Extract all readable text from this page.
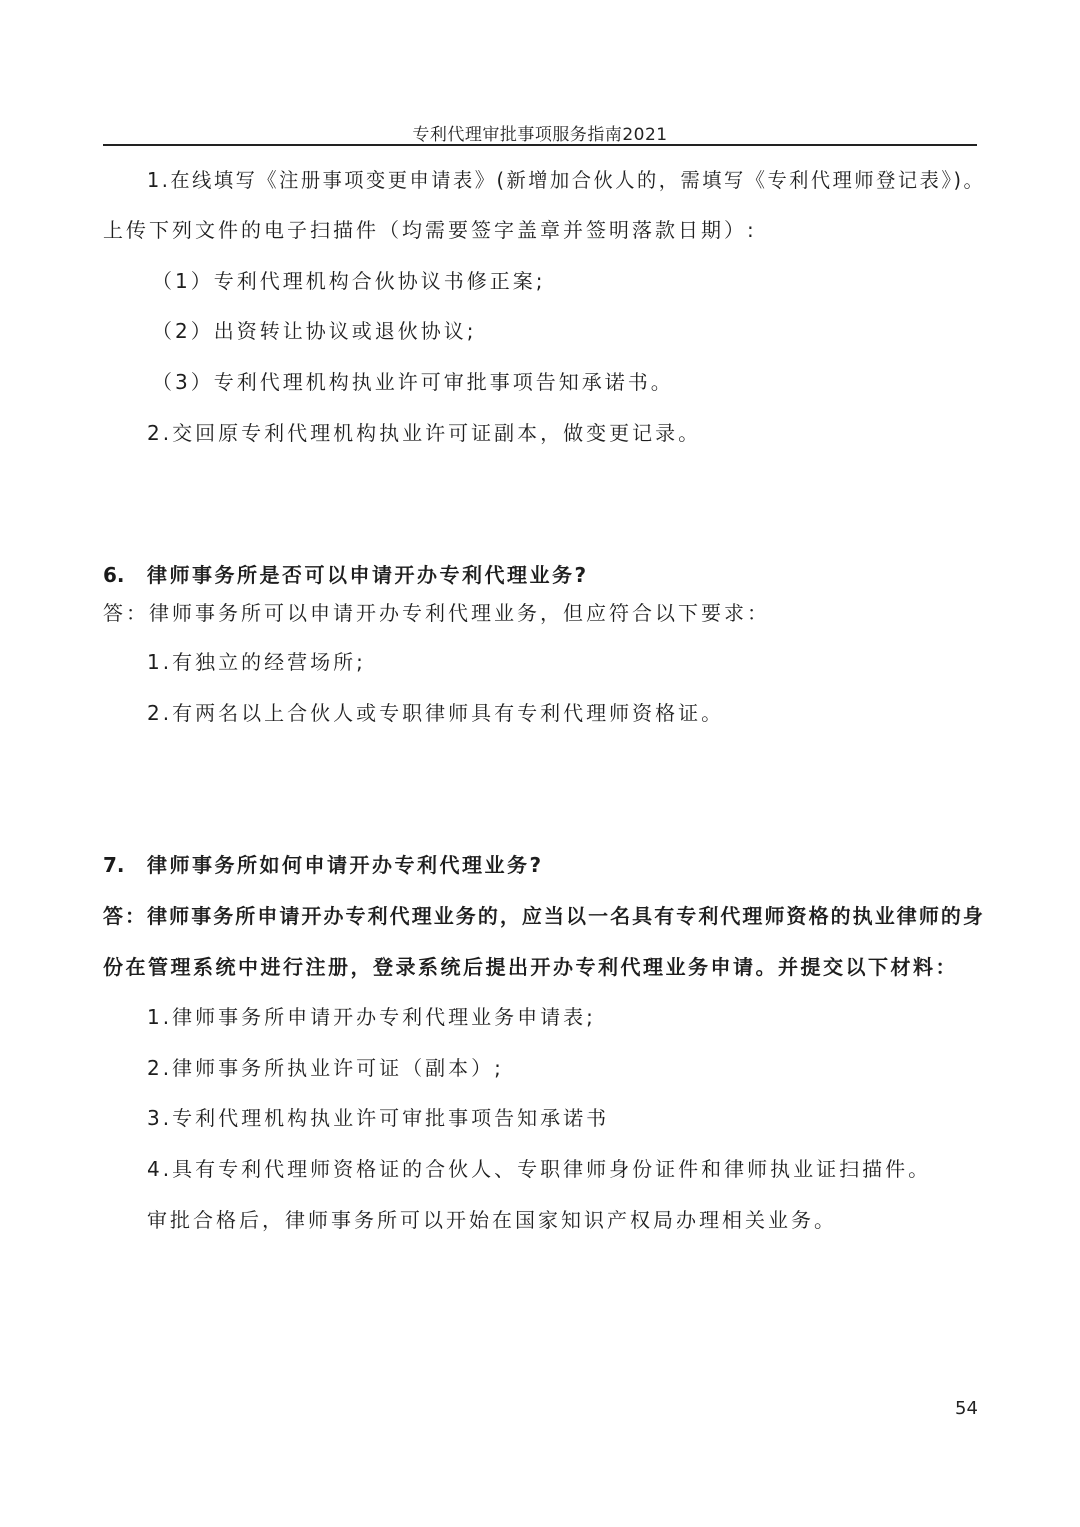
专利代理审批事项服务指南2021
1.在线填写《注册事项变更申请表》(新增加合伙人的，需填写《专利代理师登记表》)。
上传下列文件的电子扫描件（均需要签字盖章并签明落款日期）:
（1）专利代理机构合伙协议书修正案;
（2）出资转让协议或退伙协议;
（3）专利代理机构执业许可审批事项告知承诺书。
2.交回原专利代理机构执业许可证副本，做变更记录。
6. 律师事务所是否可以申请开办专利代理业务?
答：律师事务所可以申请开办专利代理业务，但应符合以下要求：
1.有独立的经营场所;
2.有两名以上合伙人或专职律师具有专利代理师资格证。
7. 律师事务所如何申请开办专利代理业务?
答：律师事务所申请开办专利代理业务的，应当以一名具有专利代理师资格的执业律师的身
份在管理系统中进行注册，登录系统后提出开办专利代理业务申请。并提交以下材料：
1.律师事务所申请开办专利代理业务申请表;
2.律师事务所执业许可证（副本）;
3.专利代理机构执业许可审批事项告知承诺书
4.具有专利代理师资格证的合伙人、专职律师身份证件和律师执业证扫描件。
审批合格后，律师事务所可以开始在国家知识产权局办理相关业务。
54
